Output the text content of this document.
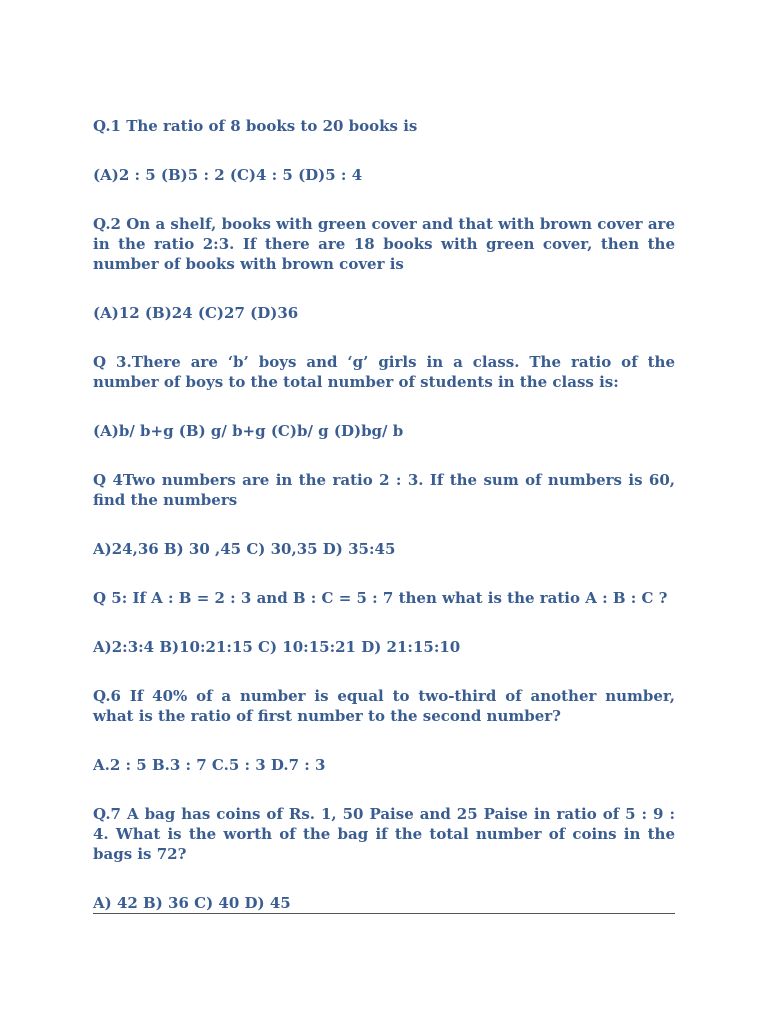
Q.1 The ratio of 8 books to 20 books is

(A)2 : 5 (B)5 : 2 (C)4 : 5 (D)5 : 4

Q.2 On a shelf, books with green cover and that with brown cover are in the ratio 2:3. If there are 18 books with green cover, then the number of books with brown cover is

(A)12 (B)24 (C)27 (D)36

Q 3.There are ‘b’ boys and ‘g’ girls in a class. The ratio of the number of boys to the total number of students in the class is:

(A)b/ b+g (B) g/ b+g (C)b/ g (D)bg/ b

Q 4Two numbers are in the ratio 2 : 3. If the sum of numbers is 60, find the numbers

A)24,36 B) 30 ,45 C) 30,35 D) 35:45

Q 5: If A : B = 2 : 3 and B : C = 5 : 7 then what is the ratio A : B : C ?

A)2:3:4 B)10:21:15 C) 10:15:21 D) 21:15:10

Q.6 If 40% of a number is equal to two-third of another number, what is the ratio of first number to the second number?

A.2 : 5 B.3 : 7 C.5 : 3 D.7 : 3

Q.7 A bag has coins of Rs. 1, 50 Paise and 25 Paise in ratio of 5 : 9 : 4. What is the worth of the bag if the total number of coins in the bags is 72?

A) 42 B) 36 C) 40 D) 45
